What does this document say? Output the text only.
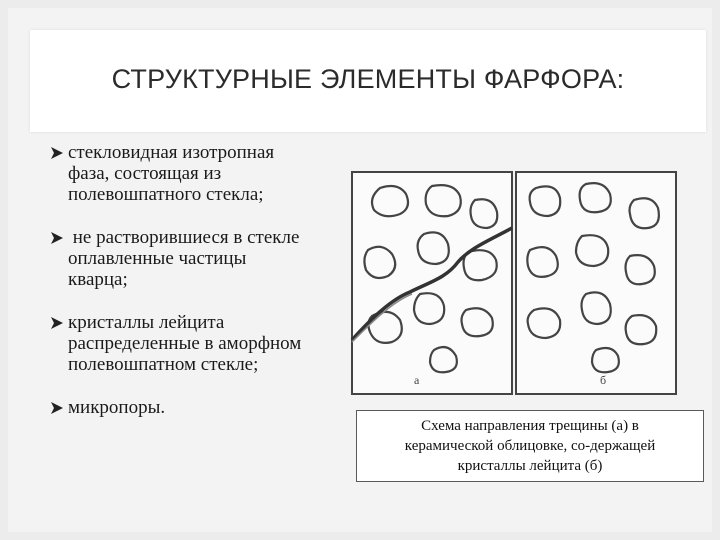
СТРУКТУРНЫЕ ЭЛЕМЕНТЫ ФАРФОРА:
стекловидная изотропная
фаза, состоящая из
полевошпатного стекла;
не растворившиеся в стекле
оплавленные частицы
кварца;
кристаллы лейцита
распределенные в аморфном
полевошпатном стекле;
микропоры.
а	б
Схема направления трещины (а) в
керамической облицовке, со-держащей
кристаллы лейцита (б)
